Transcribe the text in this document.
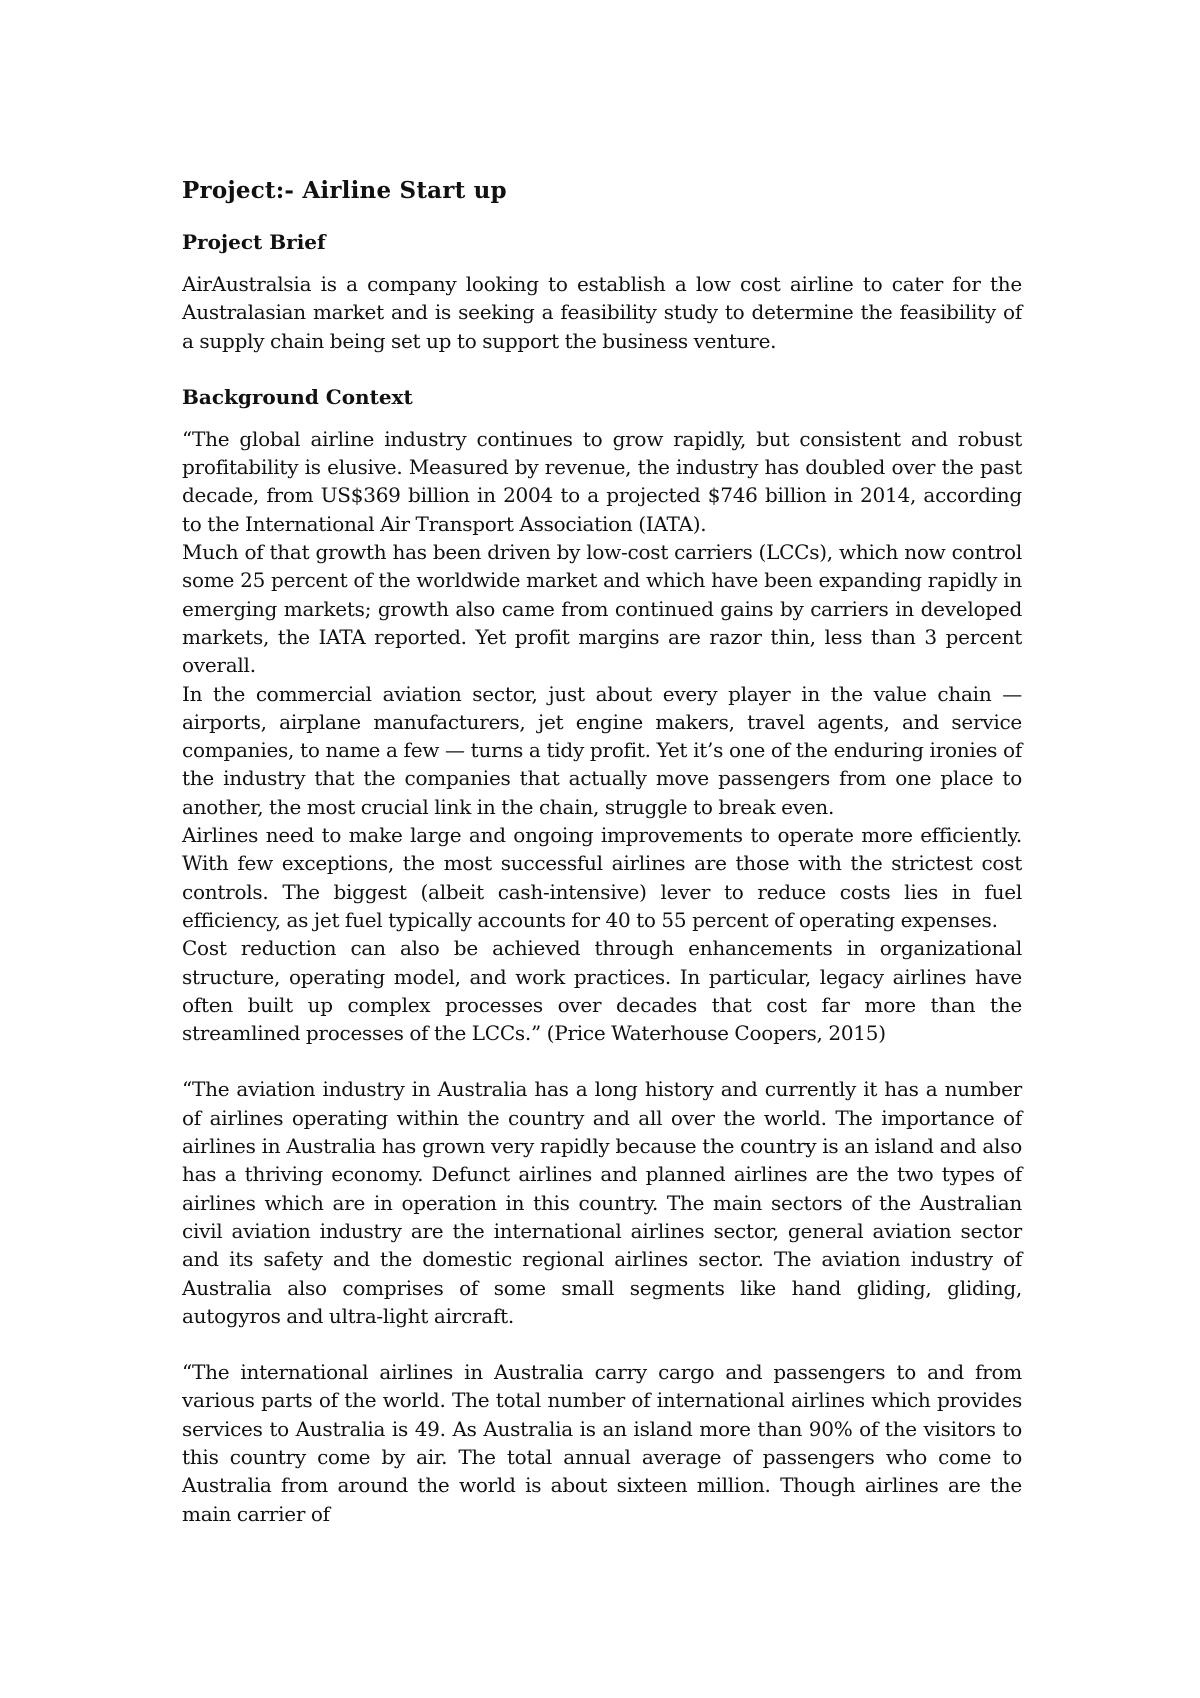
Project:- Airline Start up
Project Brief

AirAustralsia is a company looking to establish a low cost airline to cater for the Australasian market and is seeking a feasibility study to determine the feasibility of a supply chain being set up to support the business venture.

Background Context

“The global airline industry continues to grow rapidly, but consistent and robust profitability is elusive. Measured by revenue, the industry has doubled over the past decade, from US$369 billion in 2004 to a projected $746 billion in 2014, according to the International Air Transport Association (IATA).

Much of that growth has been driven by low-cost carriers (LCCs), which now control some 25 percent of the worldwide market and which have been expanding rapidly in emerging markets; growth also came from continued gains by carriers in developed markets, the IATA reported. Yet profit margins are razor thin, less than 3 percent overall.

In the commercial aviation sector, just about every player in the value chain — airports, airplane manufacturers, jet engine makers, travel agents, and service companies, to name a few — turns a tidy profit. Yet it’s one of the enduring ironies of the industry that the companies that actually move passengers from one place to another, the most crucial link in the chain, struggle to break even.

Airlines need to make large and ongoing improvements to operate more efficiently. With few exceptions, the most successful airlines are those with the strictest cost controls. The biggest (albeit cash-intensive) lever to reduce costs lies in fuel efficiency, as jet fuel typically accounts for 40 to 55 percent of operating expenses.

Cost reduction can also be achieved through enhancements in organizational structure, operating model, and work practices. In particular, legacy airlines have often built up complex processes over decades that cost far more than the streamlined processes of the LCCs.” (Price Waterhouse Coopers, 2015)

“The aviation industry in Australia has a long history and currently it has a number of airlines operating within the country and all over the world. The importance of airlines in Australia has grown very rapidly because the country is an island and also has a thriving economy. Defunct airlines and planned airlines are the two types of airlines which are in operation in this country. The main sectors of the Australian civil aviation industry are the international airlines sector, general aviation sector and its safety and the domestic regional airlines sector. The aviation industry of Australia also comprises of some small segments like hand gliding, gliding, autogyros and ultra-light aircraft.

“The international airlines in Australia carry cargo and passengers to and from various parts of the world. The total number of international airlines which provides services to Australia is 49. As Australia is an island more than 90% of the visitors to this country come by air. The total annual average of passengers who come to Australia from around the world is about sixteen million. Though airlines are the main carrier of
